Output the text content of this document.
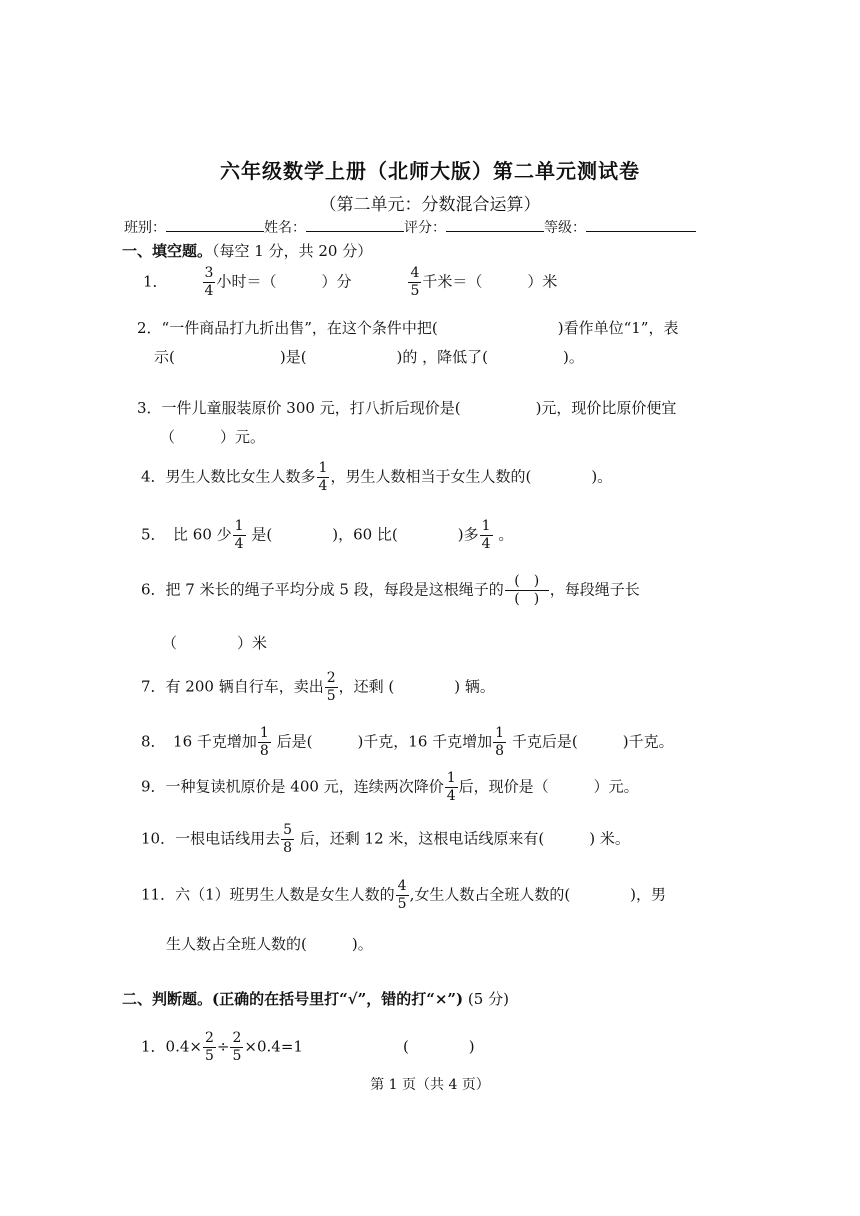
六年级数学上册（北师大版）第二单元测试卷
（第二单元：分数混合运算）
班别：	姓名：	评分：	等级：
一、填空题。（每空 1 分，共 20 分）
1．	$\frac{3}{4}$ 小时＝（　　　）分	$\frac{4}{5}$ 千米＝（　　　）米
2．“一件商品打九折出售”，在这个条件中把(　　　　　　　　)看作单位“1”，表
示(　　　　　　　)是(　　　　　　)的 ，降低了(　　　　　)。
3．一件儿童服装原价 300 元，打八折后现价是(　　　　　)元，现价比原价便宜
（　　　）元。
4．男生人数比女生人数多 $\frac{1}{4}$ ，男生人数相当于女生人数的(　　　　)。
5．　比 60 少 $\frac{1}{4}$ 是(　　　　)，60 比(　　　　)多 $\frac{1}{4}$ 。
6．把 7 米长的绳子平均分成 5 段，每段是这根绳子的 $\frac{( )}{( )}$ ，每段绳子长
（　　　　）米
7．有 200 辆自行车，卖出 $\frac{2}{5}$ ，还剩 (　　　　) 辆。
8．　16 千克增加 $\frac{1}{8}$ 后是(　　　)千克，16 千克增加 $\frac{1}{8}$ 千克后是(　　　)千克。
9．一种复读机原价是 400 元，连续两次降价 $\frac{1}{4}$ 后，现价是（　　　）元。
10．一根电话线用去 $\frac{5}{8}$ 后，还剩 12 米，这根电话线原来有(　　　) 米。
11．六（1）班男生人数是女生人数的 $\frac{4}{5}$ ,女生人数占全班人数的(　　　　)，男
生人数占全班人数的(　　　)。
二、判断题。(正确的在括号里打“√”，错的打“×”) (5 分)
1．$0.4\times \frac{2}{5} \div \frac{2}{5} \times 0.4=1$	(　　　　)
第 1 页（共 4 页）
